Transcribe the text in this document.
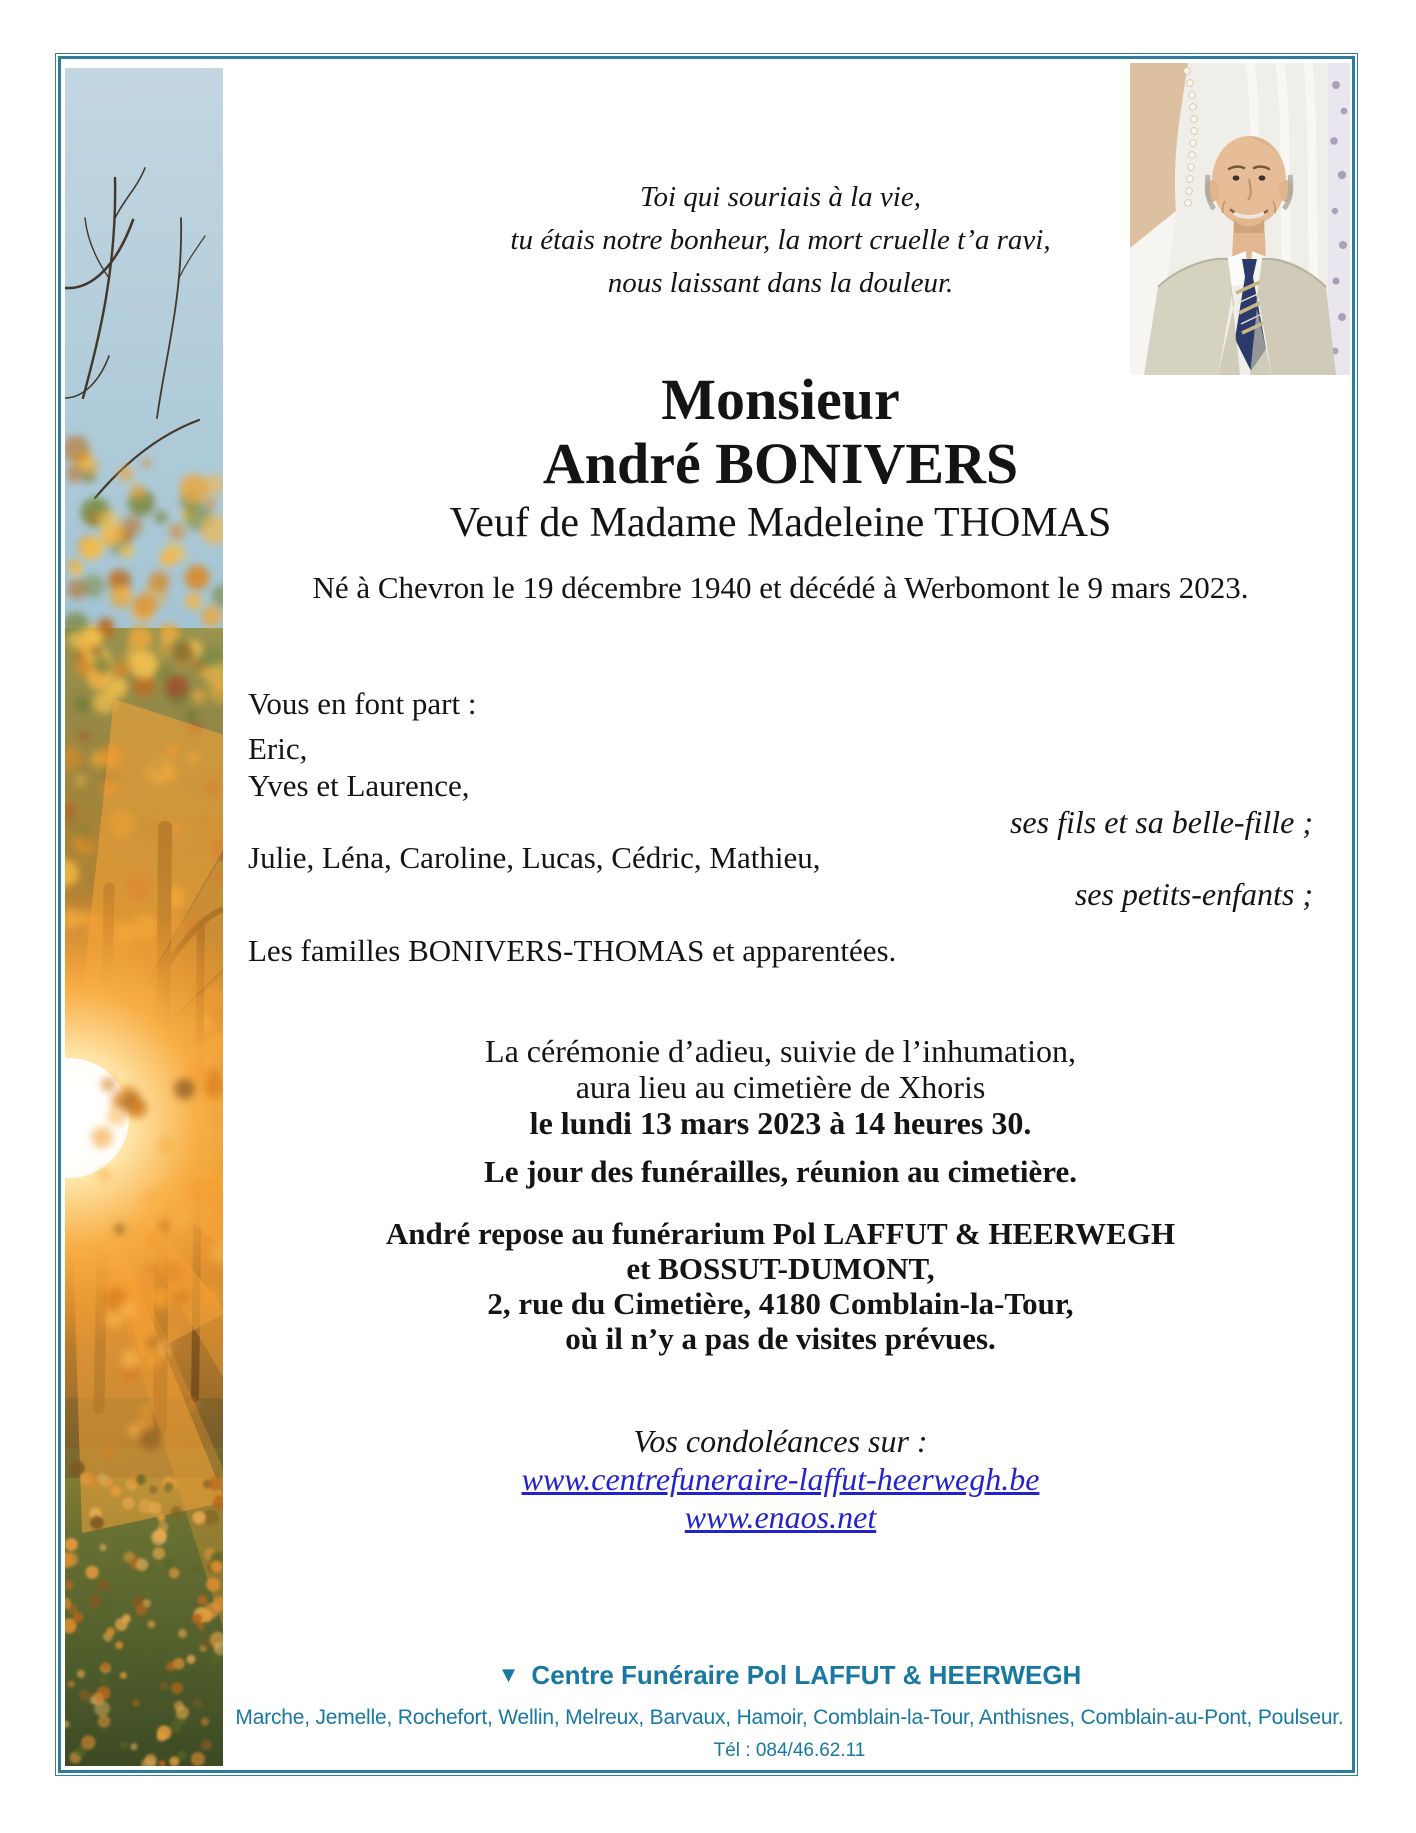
Toi qui souriais à la vie,
tu étais notre bonheur, la mort cruelle t’a ravi,
nous laissant dans la douleur.
Monsieur
André BONIVERS
Veuf de Madame Madeleine THOMAS
Né à Chevron le 19 décembre 1940 et décédé à Werbomont le 9 mars 2023.
Vous en font part :
Eric,
Yves et Laurence,
ses fils et sa belle-fille ;
Julie, Léna, Caroline, Lucas, Cédric, Mathieu,
ses petits-enfants ;
Les familles BONIVERS-THOMAS et apparentées.
La cérémonie d’adieu, suivie de l’inhumation,
aura lieu au cimetière de Xhoris
le lundi 13 mars 2023 à 14 heures 30.
Le jour des funérailles, réunion au cimetière.
André repose au funérarium Pol LAFFUT & HEERWEGH
et BOSSUT-DUMONT,
2, rue du Cimetière, 4180 Comblain-la-Tour,
où il n’y a pas de visites prévues.
Vos condoléances sur :
www.centrefuneraire-laffut-heerwegh.be
www.enaos.net
▼ Centre Funéraire Pol LAFFUT & HEERWEGH
Marche, Jemelle, Rochefort, Wellin, Melreux, Barvaux, Hamoir, Comblain-la-Tour, Anthisnes, Comblain-au-Pont, Poulseur.
Tél : 084/46.62.11
